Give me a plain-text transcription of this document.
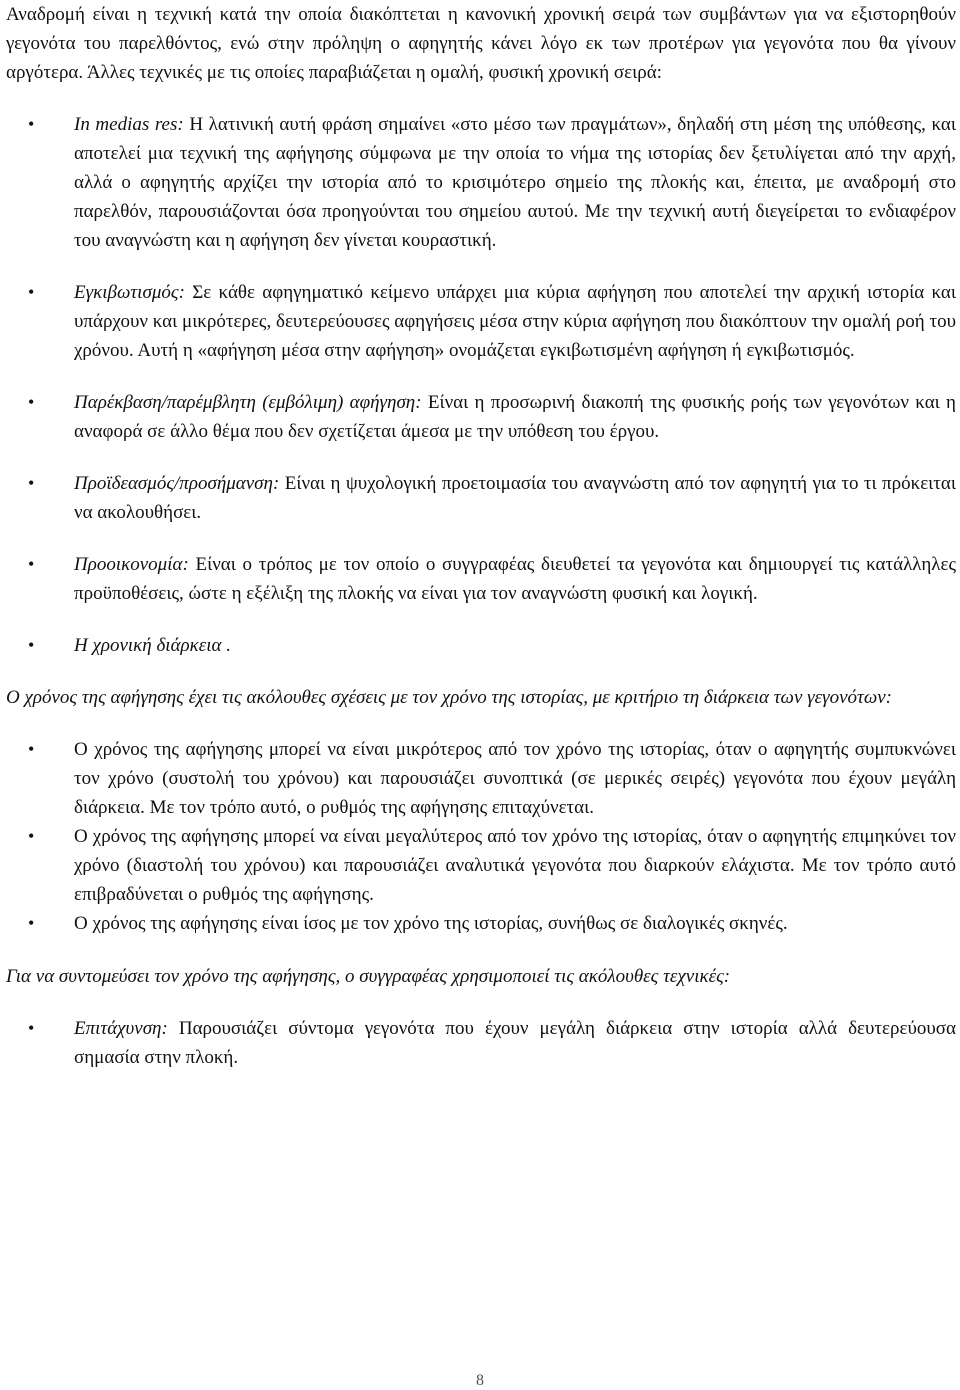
Αναδρομή είναι η τεχνική κατά την οποία διακόπτεται η κανονική χρονική σειρά των συμβάντων για να εξιστορηθούν γεγονότα του παρελθόντος, ενώ στην πρόληψη ο αφηγητής κάνει λόγο εκ των προτέρων για γεγονότα που θα γίνουν αργότερα. Άλλες τεχνικές με τις οποίες παραβιάζεται η ομαλή, φυσική χρονική σειρά:

• In medias res: Η λατινική αυτή φράση σημαίνει «στο μέσο των πραγμάτων», δηλαδή στη μέση της υπόθεσης, και αποτελεί μια τεχνική της αφήγησης σύμφωνα με την οποία το νήμα της ιστορίας δεν ξετυλίγεται από την αρχή, αλλά ο αφηγητής αρχίζει την ιστορία από το κρισιμότερο σημείο της πλοκής και, έπειτα, με αναδρομή στο παρελθόν, παρουσιάζονται όσα προηγούνται του σημείου αυτού. Με την τεχνική αυτή διεγείρεται το ενδιαφέρον του αναγνώστη και η αφήγηση δεν γίνεται κουραστική.
• Εγκιβωτισμός: Σε κάθε αφηγηματικό κείμενο υπάρχει μια κύρια αφήγηση που αποτελεί την αρχική ιστορία και υπάρχουν και μικρότερες, δευτερεύουσες αφηγήσεις μέσα στην κύρια αφήγηση που διακόπτουν την ομαλή ροή του χρόνου. Αυτή η «αφήγηση μέσα στην αφήγηση» ονομάζεται εγκιβωτισμένη αφήγηση ή εγκιβωτισμός.
• Παρέκβαση/παρέμβλητη (εμβόλιμη) αφήγηση: Είναι η προσωρινή διακοπή της φυσικής ροής των γεγονότων και η αναφορά σε άλλο θέμα που δεν σχετίζεται άμεσα με την υπόθεση του έργου.
• Προϊδεασμός/προσήμανση: Είναι η ψυχολογική προετοιμασία του αναγνώστη από τον αφηγητή για το τι πρόκειται να ακολουθήσει.
• Προοικονομία: Είναι ο τρόπος με τον οποίο ο συγγραφέας διευθετεί τα γεγονότα και δημιουργεί τις κατάλληλες προϋποθέσεις, ώστε η εξέλιξη της πλοκής να είναι για τον αναγνώστη φυσική και λογική.
• Η χρονική διάρκεια .

Ο χρόνος της αφήγησης έχει τις ακόλουθες σχέσεις με τον χρόνο της ιστορίας, με κριτήριο τη διάρκεια των γεγονότων:

• Ο χρόνος της αφήγησης μπορεί να είναι μικρότερος από τον χρόνο της ιστορίας, όταν ο αφηγητής συμπυκνώνει τον χρόνο (συστολή του χρόνου) και παρουσιάζει συνοπτικά (σε μερικές σειρές) γεγονότα που έχουν μεγάλη διάρκεια. Με τον τρόπο αυτό, ο ρυθμός της αφήγησης επιταχύνεται.
• Ο χρόνος της αφήγησης μπορεί να είναι μεγαλύτερος από τον χρόνο της ιστορίας, όταν ο αφηγητής επιμηκύνει τον χρόνο (διαστολή του χρόνου) και παρουσιάζει αναλυτικά γεγονότα που διαρκούν ελάχιστα. Με τον τρόπο αυτό επιβραδύνεται ο ρυθμός της αφήγησης.
• Ο χρόνος της αφήγησης είναι ίσος με τον χρόνο της ιστορίας, συνήθως σε διαλογικές σκηνές.

Για να συντομεύσει τον χρόνο της αφήγησης, ο συγγραφέας χρησιμοποιεί τις ακόλουθες τεχνικές:

• Επιτάχυνση: Παρουσιάζει σύντομα γεγονότα που έχουν μεγάλη διάρκεια στην ιστορία αλλά δευτερεύουσα σημασία στην πλοκή.
8
